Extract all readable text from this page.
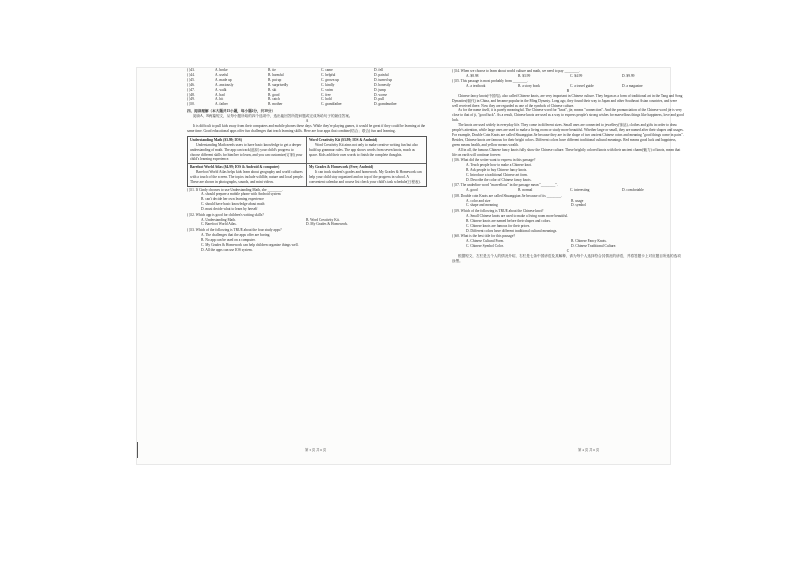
( )43.	A. broke	B. tie	C. came	D. fell
( )44.	A. useful	B. harmful	C. helpful	D. painful
( )45.	A. made up	B. put up	C. grown up	D. turned up
( )46.	A. anxiously	B. surprisedly	C. kindly	D. honestly
( )47.	A. walk	B. ski	C. swim	D. jump
( )48.	A. bad	B. good	C. free	D. worse
( )49.	A. hit	B. catch	C. hold	D. pull
( )50.	A. father	B. mother	C. grandfather	D. grandmother

四、阅读理解（本大题共15小题，每小题2分，共30分）

阅读A、B两篇短文，从每小题所给的四个选项中，选出能回答所提问题或完成所给句子的最佳答案。

A

It is difficult to pull kids away from their computers and mobile phones these days. While they're playing games, it would be great if they could be learning at the same time. Good educational apps offer fun challenges that teach learning skills. Here are four apps that combine(结合；联合) fun and learning.

Understanding Math ($3.99; IOS)
Understanding Math needs users to have basic knowledge to get a deeper understanding of math. The app can track(追踪) your child's progress to choose different skills for him/her to learn, and you can customize(订制) your child's learning experience.
Word Creativity Kit ($3.99; IOS & Android)
Word Creativity Kit aims not only to make creative writing fun but also build up grammar rules. The app shows words from seven knots, much as space. Kids add their own words to finish the complete thoughts.
Barefoot World Atlas ($4.99; IOS & Android & computer)
Barefoot World Atlas helps kids learn about geography and world cultures with a touch of the screen. The topics include wildlife, nature and local people. These are shown in photographs, sounds, and mini videos.
My Grades & Homework (Free; Android)
It can track student's grades and homework. My Grades & Homework can help your child stay organized and on top of the progress in school. A convenient calendar and course list check your child's task schedule(日程表).

( )51. If Cindy chooses to use Understanding Math, she ________.

A. should prepare a mobile phone with Android system
B. can't decide her own learning experience
C. should have basic knowledge about math
D. must decide what to learn by herself

( )52. Which app is good for children's writing skills?

A. Understanding Math.	B. Word Creativity Kit.
C. Barefoot World Atlas.	D. My Grades & Homework.

( )53. Which of the following is TRUE about the four study apps?

A. The challenges that the apps offer are boring.
B. No app can be used on a computer.
C. My Grades & Homework can help children organize things well.
D. All the apps can use IOS system.
第 3 页 共 6 页

( )54. When we choose to learn about world culture and math, we need to pay ________.

A. $8.98	B. $3.99	C. $4.99	D. $9.99

( )55. This passage is most probably from ________.

A. a textbook	B. a story book	C. a travel guide	D. a magazine

B

Chinese fancy knots(中国结), also called Chinese knots, are very important in Chinese culture. They began as a form of traditional art in the Tang and Song Dynasties(朝代) in China, and became popular in the Ming Dynasty. Long ago, they found their way to Japan and other Southeast Asian countries, and were well received there. Now they are regarded as one of the symbols of Chinese culture.

As for the name itself, it is purely meaningful. The Chinese word for "knot", jie, means "connection". And the pronunciation of the Chinese word jie is very close to that of ji, "good luck". As a result, Chinese knots are used as a way to express people's strong wishes for marvellous things like happiness, love and good luck.

The knots are used widely in everyday life. They come in different sizes. Small ones are connected to jewellery(饰品), clothes and gifts in order to draw people's attention, while large ones are used to make a living room or study more beautiful. Whether large or small, they are named after their shapes and usages. For example, Double Coin Knots are called Shuangqian Jie because they are in the shape of two ancient Chinese coins and meaning "good things come in pairs". Besides, Chinese knots are famous for their bright colors. Different colors have different traditional cultural meanings. Red means good luck and happiness, green means health, and yellow means wealth.

All in all, the famous Chinese fancy knots fully show the Chinese culture. These brightly colored knots with their ancient charm(魅力) of knots, mean that life on earth will continue forever.

( )56. What did the writer want to express in this passage?

A. Teach people how to make a Chinese knot.
B. Ask people to buy Chinese fancy knots.
C. Introduce a traditional Chinese art form.
D. Describe the color of Chinese fancy knots.

( )57. The underline word "marvellous" in the passage mean "________".

A. good	B. normal	C. interesting	D. comfortable

( )58. Double coin Knots are called Shuangqian Jie because of its ________.

A. color and size	B. usage
C. shape and meaning	D. symbol

( )59. Which of the following is TRUE about the Chinese knot?

A. Small Chinese knots are used to make a living room more beautiful.
B. Chinese knots are named before their shapes and colors.
C. Chinese knots are famous for their prices.
D. Different colors have different traditional cultural meanings.

( )60. What is the best title for this passage?

A. Chinese Cultural Form.	B. Chinese Fancy Knots.
C. Chinese Symbol Color.	D. Chinese Traditional Culture.

C

根据短文，左栏是五个人的情况介绍，右栏是七条中国谚语及其解释，请为每个人选择符合其情况的谚语，并将答题卡上对应题目所选的选项涂黑。

第 4 页 共 6 页
